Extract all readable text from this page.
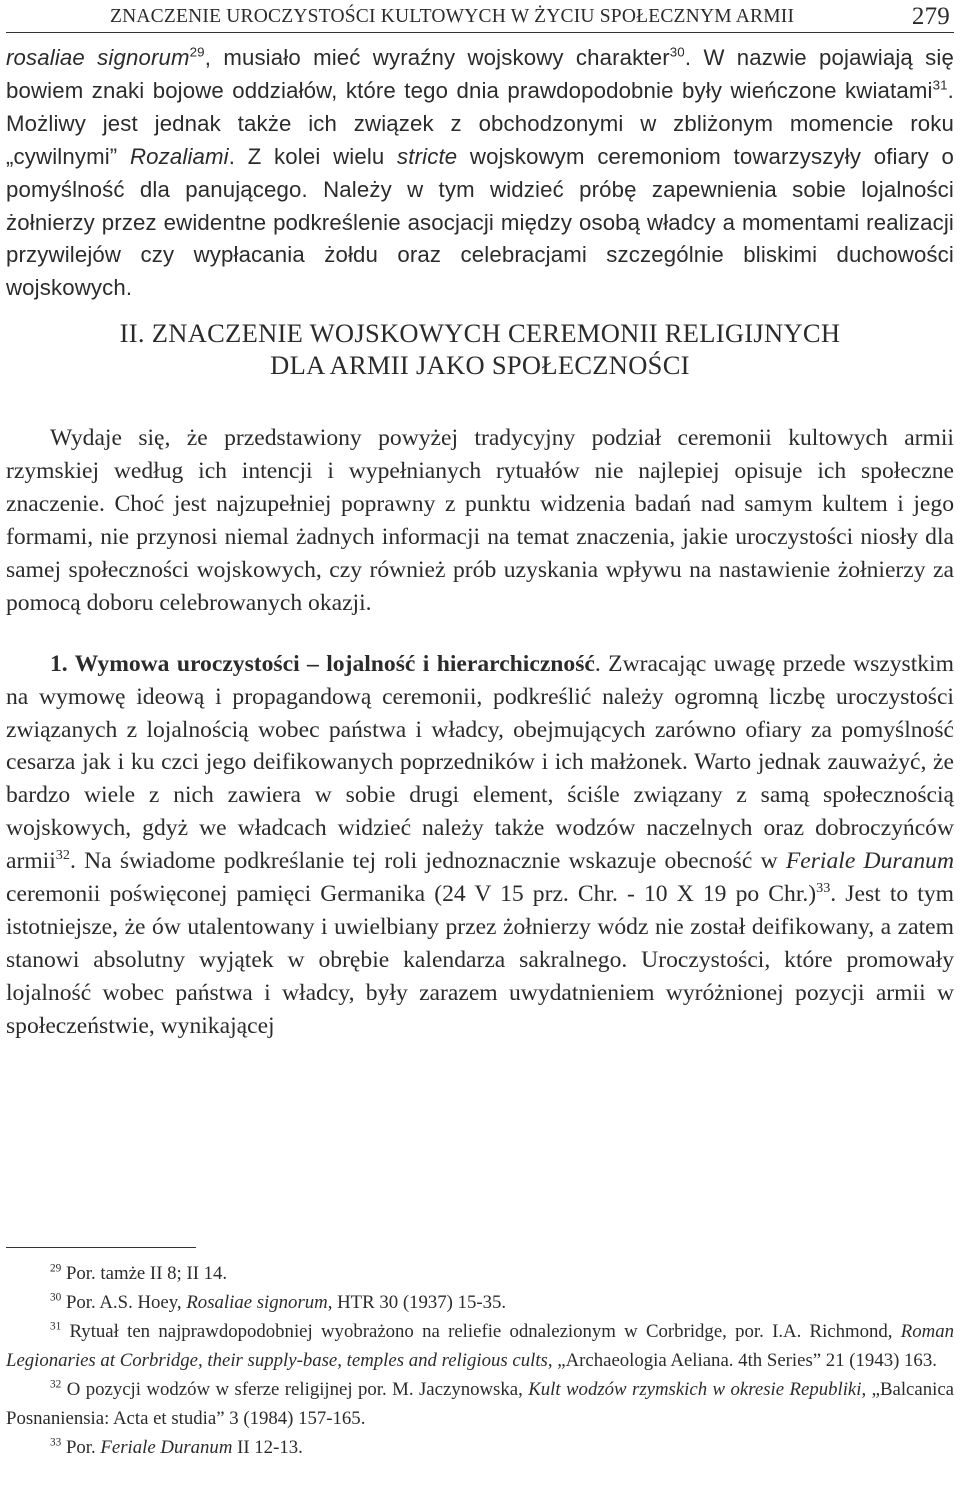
ZNACZENIE UROCZYSTOŚCI KULTOWYCH W ŻYCIU SPOŁECZNYM ARMII	279

rosaliae signorum$^{29}$, musiało mieć wyraźny wojskowy charakter$^{30}$. W nazwie pojawiają się bowiem znaki bojowe oddziałów, które tego dnia prawdopodobnie były wieńczone kwiatami$^{31}$. Możliwy jest jednak także ich związek z obchodzonymi w zbliżonym momencie roku „cywilnymi” Rozaliami. Z kolei wielu stricte wojskowym ceremoniom towarzyszyły ofiary o pomyślność dla panującego. Należy w tym widzieć próbę zapewnienia sobie lojalności żołnierzy przez ewidentne podkreślenie asocjacji między osobą władcy a momentami realizacji przywilejów czy wypłacania żołdu oraz celebracjami szczególnie bliskimi duchowości wojskowych.

II. ZNACZENIE WOJSKOWYCH CEREMONII RELIGIJNYCH
DLA ARMII JAKO SPOŁECZNOŚCI

Wydaje się, że przedstawiony powyżej tradycyjny podział ceremonii kultowych armii rzymskiej według ich intencji i wypełnianych rytuałów nie najlepiej opisuje ich społeczne znaczenie. Choć jest najzupełniej poprawny z punktu widzenia badań nad samym kultem i jego formami, nie przynosi niemal żadnych informacji na temat znaczenia, jakie uroczystości niosły dla samej społeczności wojskowych, czy również prób uzyskania wpływu na nastawienie żołnierzy za pomocą doboru celebrowanych okazji.

1. Wymowa uroczystości – lojalność i hierarchiczność. Zwracając uwagę przede wszystkim na wymowę ideową i propagandową ceremonii, podkreślić należy ogromną liczbę uroczystości związanych z lojalnością wobec państwa i władcy, obejmujących zarówno ofiary za pomyślność cesarza jak i ku czci jego deifikowanych poprzedników i ich małżonek. Warto jednak zauważyć, że bardzo wiele z nich zawiera w sobie drugi element, ściśle związany z samą społecznością wojskowych, gdyż we władcach widzieć należy także wodzów naczelnych oraz dobroczyńców armii$^{32}$. Na świadome podkreślanie tej roli jednoznacznie wskazuje obecność w Feriale Duranum ceremonii poświęconej pamięci Germanika (24 V 15 prz. Chr. - 10 X 19 po Chr.)$^{33}$. Jest to tym istotniejsze, że ów utalentowany i uwielbiany przez żołnierzy wódz nie został deifikowany, a zatem stanowi absolutny wyjątek w obrębie kalendarza sakralnego. Uroczystości, które promowały lojalność wobec państwa i władcy, były zarazem uwydatnieniem wyróżnionej pozycji armii w społeczeństwie, wynikającej

$^{29}$ Por. tamże II 8; II 14.

$^{30}$ Por. A.S. Hoey, Rosaliae signorum, HTR 30 (1937) 15-35.

$^{31}$ Rytuał ten najprawdopodobniej wyobrażono na reliefie odnalezionym w Corbridge, por. I.A. Richmond, Roman Legionaries at Corbridge, their supply-base, temples and religious cults, „Archaeologia Aeliana. 4th Series” 21 (1943) 163.

$^{32}$ O pozycji wodzów w sferze religijnej por. M. Jaczynowska, Kult wodzów rzymskich w okresie Republiki, „Balcanica Posnaniensia: Acta et studia” 3 (1984) 157-165.

$^{33}$ Por. Feriale Duranum II 12-13.
